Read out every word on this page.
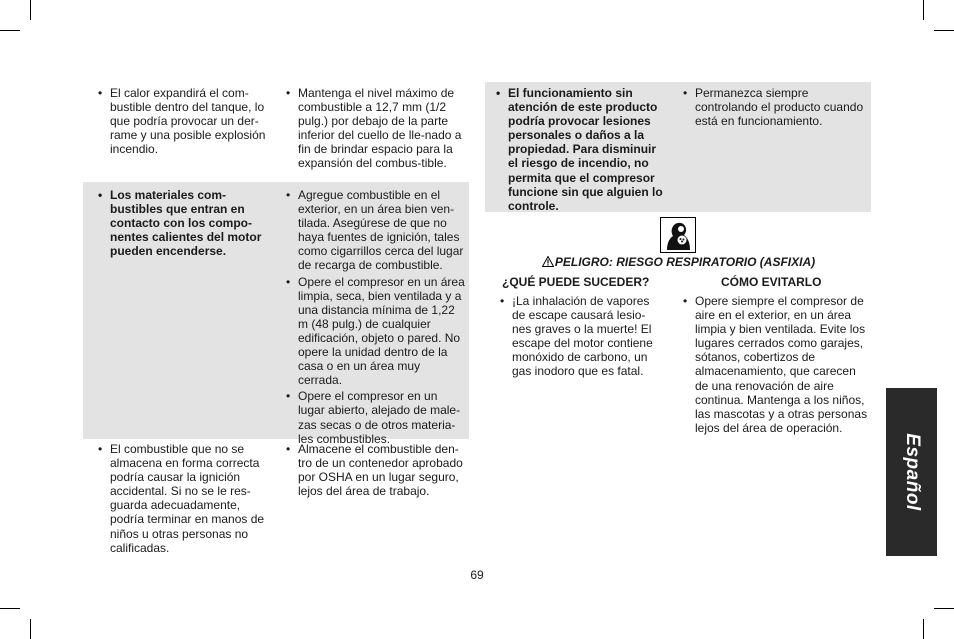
• El calor expandirá el com-bustible dentro del tanque, lo que podría provocar un der-rame y una posible explosión incendio.
• Mantenga el nivel máximo de combustible a 12,7 mm (1/2 pulg.) por debajo de la parte inferior del cuello de lle-nado a fin de brindar espacio para la expansión del combus-tible.
• Los materiales com-bustibles que entran en contacto con los compo-nentes calientes del motor pueden encenderse.
• Agregue combustible en el exterior, en un área bien ven-tilada. Asegúrese de que no haya fuentes de ignición, tales como cigarrillos cerca del lugar de recarga de combustible.
• Opere el compresor en un área limpia, seca, bien ventilada y a una distancia mínima de 1,22 m (48 pulg.) de cualquier edificación, objeto o pared. No opere la unidad dentro de la casa o en un área muy cerrada.
• Opere el compresor en un lugar abierto, alejado de male-zas secas o de otros materia-les combustibles.
• El combustible que no se almacena en forma correcta podría causar la ignición accidental. Si no se le res-guarda adecuadamente, podría terminar en manos de niños u otras personas no calificadas.
• Almacene el combustible den-tro de un contenedor aprobado por OSHA en un lugar seguro, lejos del área de trabajo.
• El funcionamiento sin atención de este producto podría provocar lesiones personales o daños a la propiedad. Para disminuir el riesgo de incendio, no permita que el compresor funcione sin que alguien lo controle.
• Permanezca siempre controlando el producto cuando está en funcionamiento.
PELIGRO: RIESGO RESPIRATORIO (ASFIXIA)
¿QUÉ PUEDE SUCEDER?	CÓMO EVITARLO
• ¡La inhalación de vapores de escape causará lesio-nes graves o la muerte! El escape del motor contiene monóxido de carbono, un gas inodoro que es fatal.
• Opere siempre el compresor de aire en el exterior, en un área limpia y bien ventilada. Evite los lugares cerrados como garajes, sótanos, cobertizos de almacenamiento, que carecen de una renovación de aire continua. Mantenga a los niños, las mascotas y a otras personas lejos del área de operación.
Español
69
